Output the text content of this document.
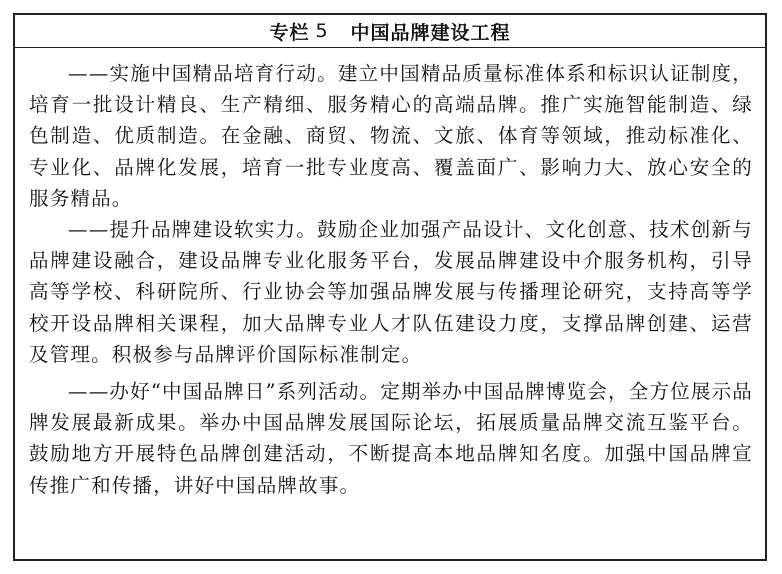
专栏 5 中国品牌建设工程

——实施中国精品培育行动。建立中国精品质量标准体系和标识认证制度，培育一批设计精良、生产精细、服务精心的高端品牌。推广实施智能制造、绿色制造、优质制造。在金融、商贸、物流、文旅、体育等领域，推动标准化、专业化、品牌化发展，培育一批专业度高、覆盖面广、影响力大、放心安全的服务精品。

——提升品牌建设软实力。鼓励企业加强产品设计、文化创意、技术创新与品牌建设融合，建设品牌专业化服务平台，发展品牌建设中介服务机构，引导高等学校、科研院所、行业协会等加强品牌发展与传播理论研究，支持高等学校开设品牌相关课程，加大品牌专业人才队伍建设力度，支撑品牌创建、运营及管理。积极参与品牌评价国际标准制定。

——办好“中国品牌日”系列活动。定期举办中国品牌博览会，全方位展示品牌发展最新成果。举办中国品牌发展国际论坛，拓展质量品牌交流互鉴平台。鼓励地方开展特色品牌创建活动，不断提高本地品牌知名度。加强中国品牌宣传推广和传播，讲好中国品牌故事。
